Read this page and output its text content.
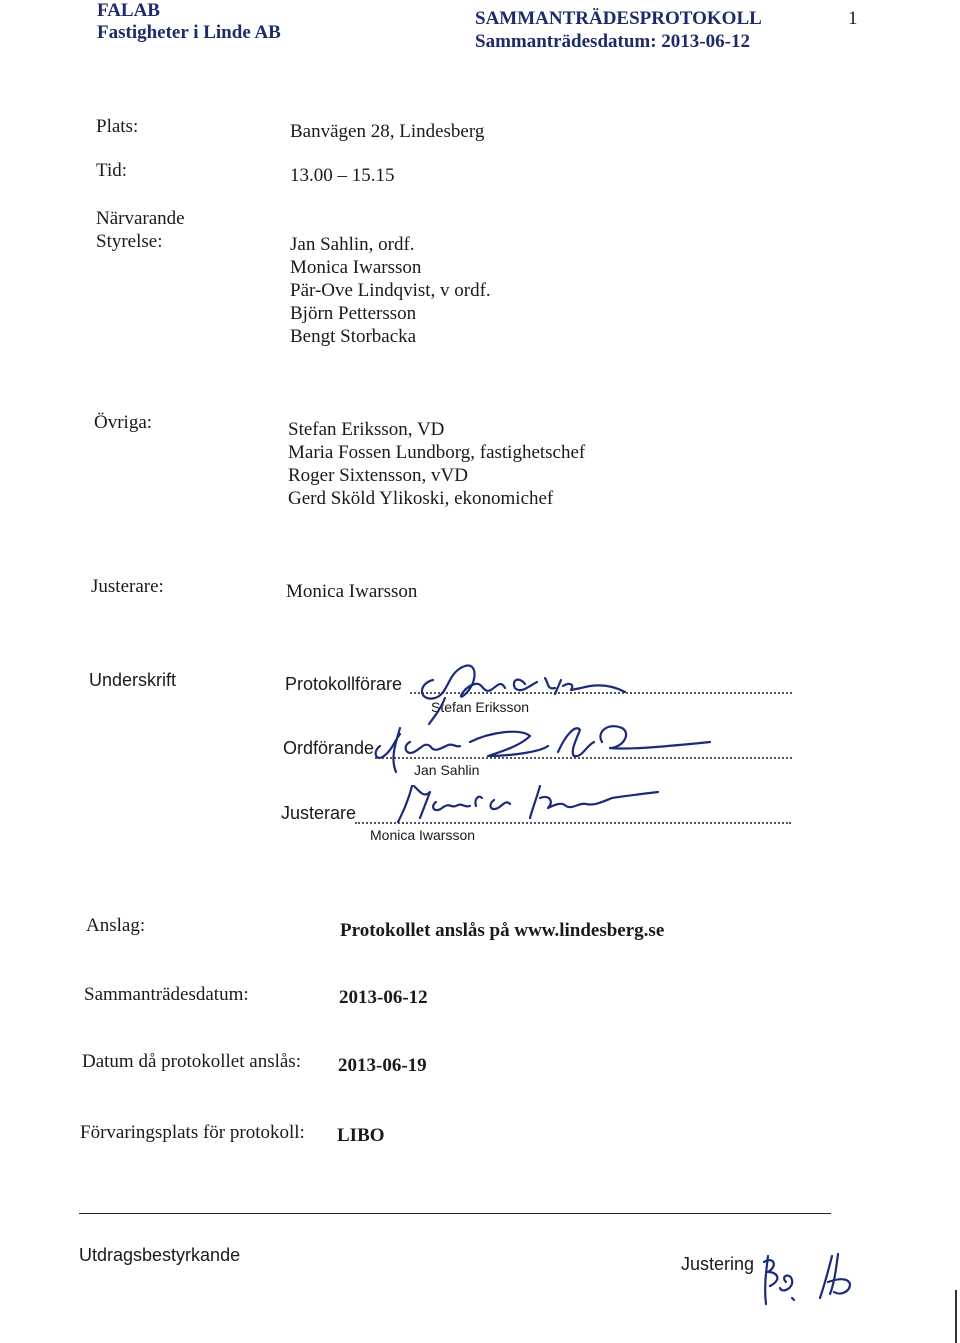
FALAB
Fastigheter i Linde AB
SAMMANTRÄDESPROTOKOLL
Sammanträdesdatum: 2013-06-12
1
Plats:	Banvägen 28, Lindesberg
Tid:	13.00 – 15.15
Närvarande
Styrelse:	Jan Sahlin, ordf.
Monica Iwarsson
Pär-Ove Lindqvist, v ordf.
Björn Pettersson
Bengt Storbacka
Övriga:	Stefan Eriksson, VD
Maria Fossen Lundborg, fastighetschef
Roger Sixtensson, vVD
Gerd Sköld Ylikoski, ekonomichef
Justerare:	Monica Iwarsson
Underskrift	Protokollförare
Stefan Eriksson
Ordförande
Jan Sahlin
Justerare
Monica Iwarsson
Anslag:	Protokollet anslås på www.lindesberg.se
Sammanträdesdatum:	2013-06-12
Datum då protokollet anslås: 2013-06-19
Förvaringsplats för protokoll: LIBO
Utdragsbestyrkande	Justering
